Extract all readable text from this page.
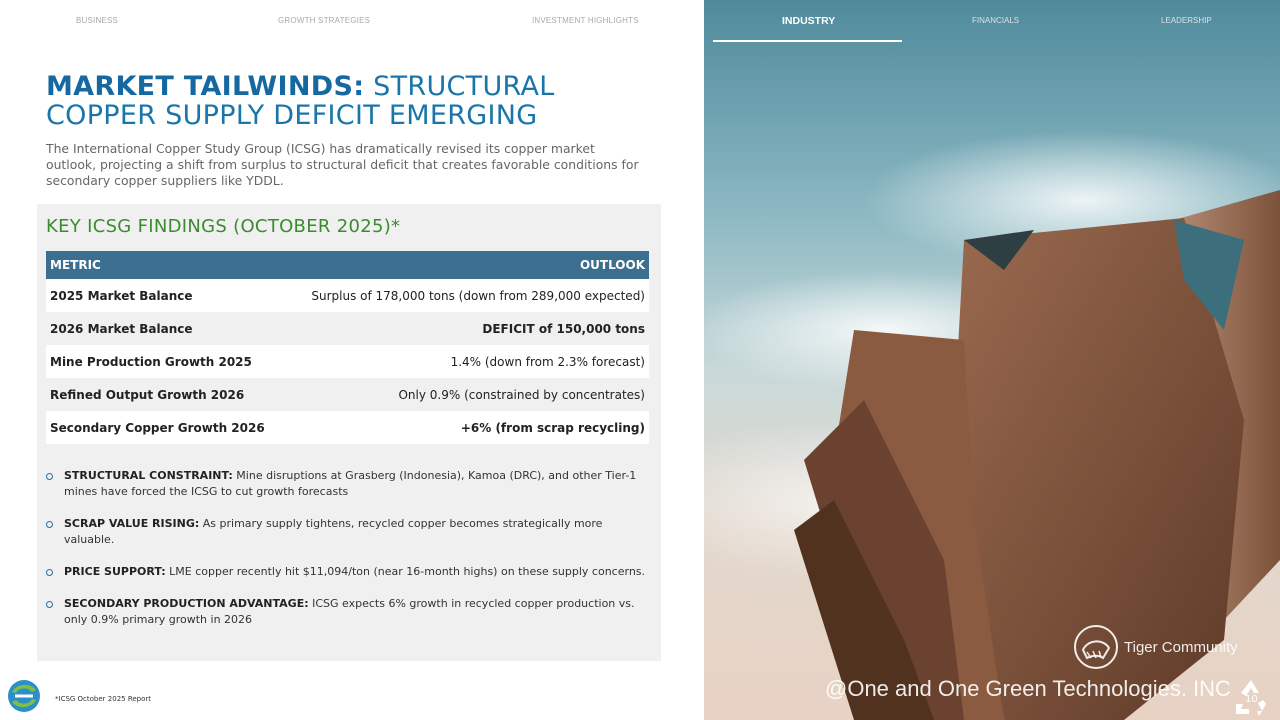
BUSINESS	GROWTH STRATEGIES	INVESTMENT HIGHLIGHTS
MARKET TAILWINDS: STRUCTURAL COPPER SUPPLY DEFICIT EMERGING
The International Copper Study Group (ICSG) has dramatically revised its copper market outlook, projecting a shift from surplus to structural deficit that creates favorable conditions for secondary copper suppliers like YDDL.
KEY ICSG FINDINGS (OCTOBER 2025)*
METRIC	OUTLOOK
2025 Market Balance	Surplus of 178,000 tons (down from 289,000 expected)
2026 Market Balance	DEFICIT of 150,000 tons
Mine Production Growth 2025	1.4% (down from 2.3% forecast)
Refined Output Growth 2026	Only 0.9% (constrained by concentrates)
Secondary Copper Growth 2026	+6% (from scrap recycling)
STRUCTURAL CONSTRAINT: Mine disruptions at Grasberg (Indonesia), Kamoa (DRC), and other Tier-1 mines have forced the ICSG to cut growth forecasts
SCRAP VALUE RISING: As primary supply tightens, recycled copper becomes strategically more valuable.
PRICE SUPPORT: LME copper recently hit $11,094/ton (near 16-month highs) on these supply concerns.
SECONDARY PRODUCTION ADVANTAGE: ICSG expects 6% growth in recycled copper production vs. only 0.9% primary growth in 2026
*ICSG October 2025 Report
INDUSTRY	FINANCIALS	LEADERSHIP
Tiger Community
@One and One Green Technologies. INC 10
